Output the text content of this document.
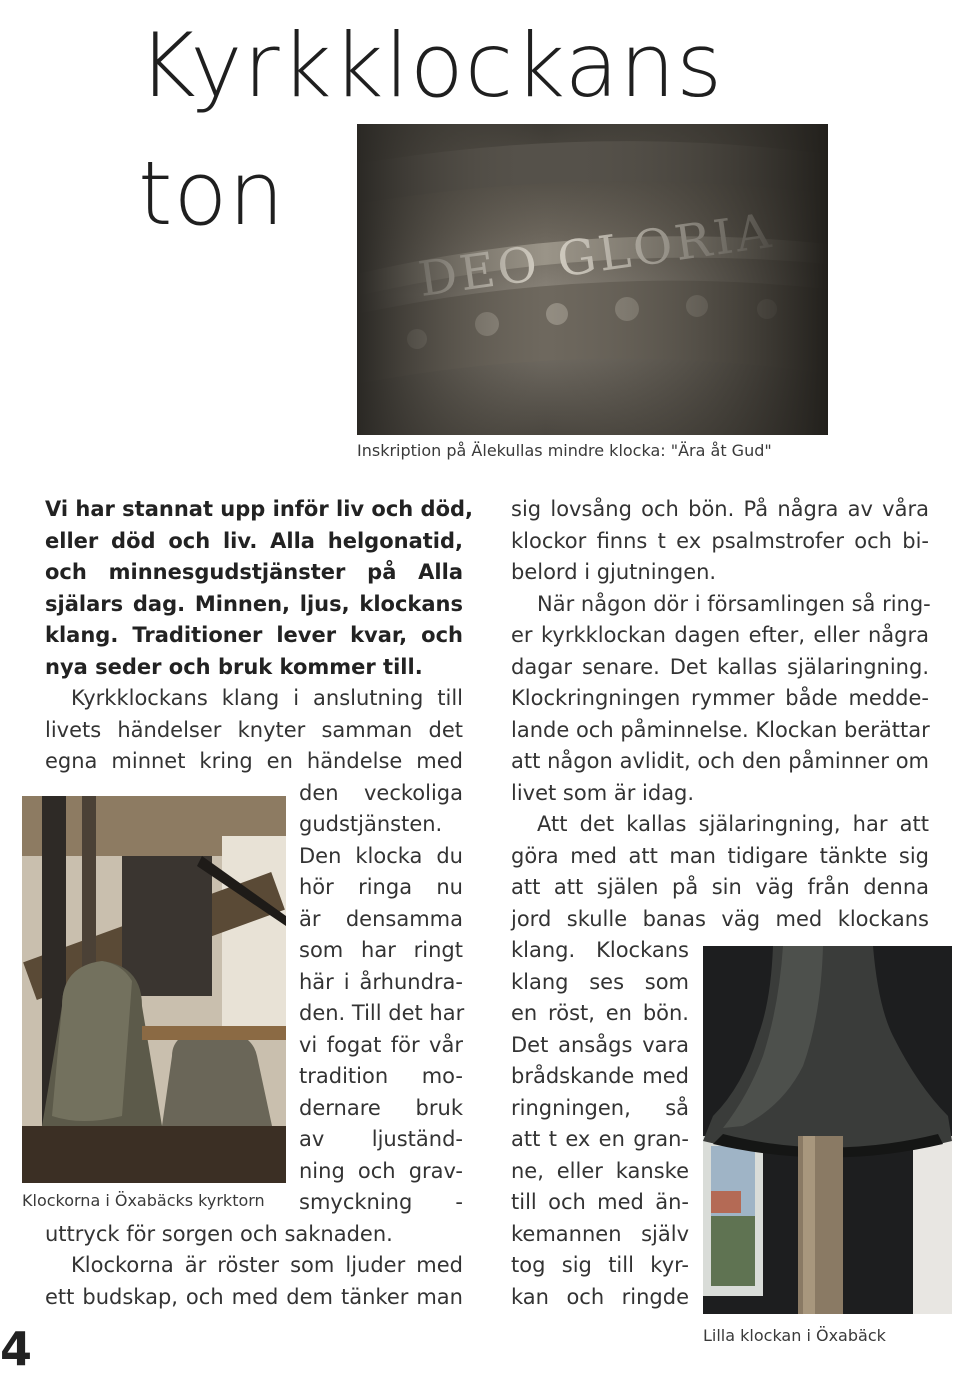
Kyrkklockans
ton
Inskription på Älekullas mindre klocka: "Ära åt Gud"

Vi har stannat upp inför liv och död,
eller död och liv. Alla helgonatid,
och minnesgudstjänster på Alla
själars dag. Minnen, ljus, klockans
klang. Traditioner lever kvar, och
nya seder och bruk kommer till.

Kyrkklockans klang i anslutning till
livets händelser knyter samman det
egna minnet kring en händelse med

den veckoliga
gudstjänsten.
Den klocka du
hör ringa nu
är densamma
som har ringt
här i århundra-
den. Till det har
vi fogat för vår
tradition mo-
dernare bruk
av ljuständ-
ning och grav-
smyckning -
uttryck för sorgen och saknaden.

Klockorna är röster som ljuder med
ett budskap, och med dem tänker man

Klockorna i Öxabäcks kyrktorn

sig lovsång och bön. På några av våra
klockor finns t ex psalmstrofer och bi-
belord i gjutningen.

När någon dör i församlingen så ring-
er kyrkklockan dagen efter, eller några
dagar senare. Det kallas själaringning.
Klockringningen rymmer både medde-
lande och påminnelse. Klockan berättar
att någon avlidit, och den påminner om
livet som är idag.

Att det kallas själaringning, har att
göra med att man tidigare tänkte sig
att att själen på sin väg från denna
jord skulle banas väg med klockans

klang. Klockans
klang ses som
en röst, en bön.
Det ansågs vara
brådskande med
ringningen, så
att t ex en gran-
ne, eller kanske
till och med än-
kemannen själv
tog sig till kyr-
kan och ringde
Lilla klockan i Öxabäck
4
